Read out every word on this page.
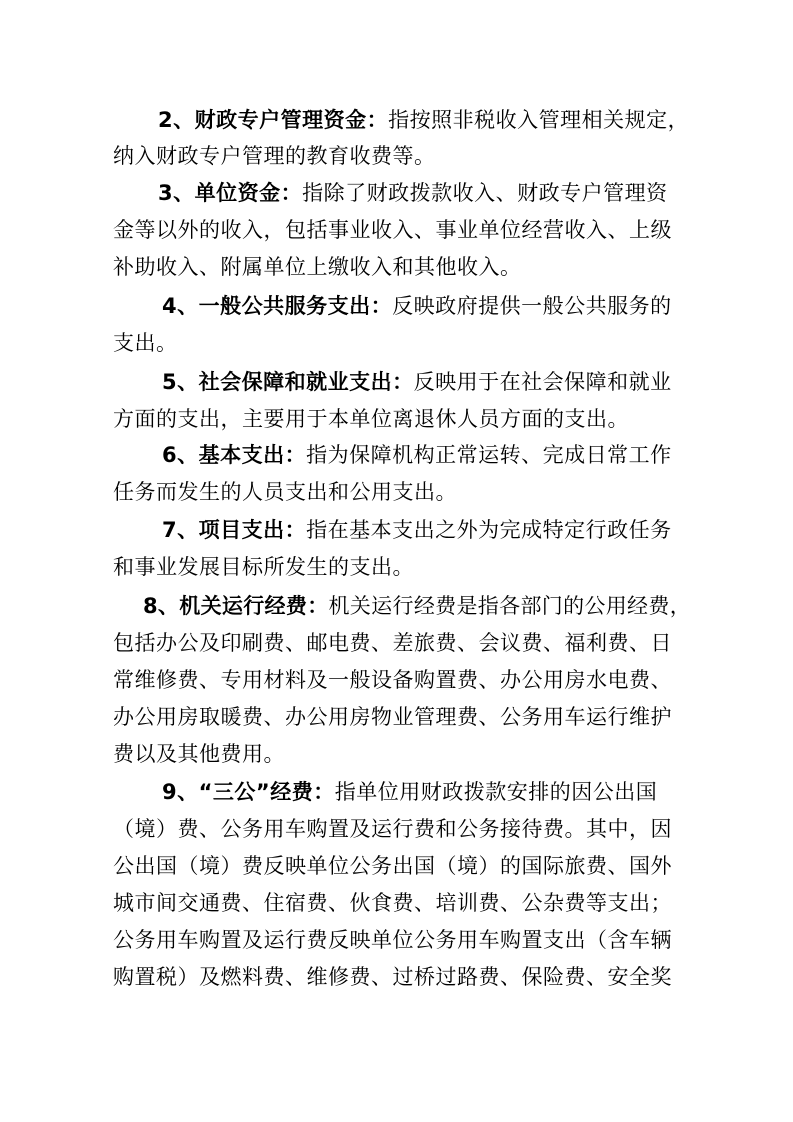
2、财政专户管理资金：指按照非税收入管理相关规定，
纳入财政专户管理的教育收费等。
3、单位资金：指除了财政拨款收入、财政专户管理资
金等以外的收入，包括事业收入、事业单位经营收入、上级
补助收入、附属单位上缴收入和其他收入。
4、一般公共服务支出：反映政府提供一般公共服务的
支出。
5、社会保障和就业支出：反映用于在社会保障和就业
方面的支出，主要用于本单位离退休人员方面的支出。
6、基本支出：指为保障机构正常运转、完成日常工作
任务而发生的人员支出和公用支出。
7、项目支出：指在基本支出之外为完成特定行政任务
和事业发展目标所发生的支出。
8、机关运行经费：机关运行经费是指各部门的公用经费，
包括办公及印刷费、邮电费、差旅费、会议费、福利费、日
常维修费、专用材料及一般设备购置费、办公用房水电费、
办公用房取暖费、办公用房物业管理费、公务用车运行维护
费以及其他费用。
9、“三公”经费：指单位用财政拨款安排的因公出国
（境）费、公务用车购置及运行费和公务接待费。其中，因
公出国（境）费反映单位公务出国（境）的国际旅费、国外
城市间交通费、住宿费、伙食费、培训费、公杂费等支出；
公务用车购置及运行费反映单位公务用车购置支出（含车辆
购置税）及燃料费、维修费、过桥过路费、保险费、安全奖
